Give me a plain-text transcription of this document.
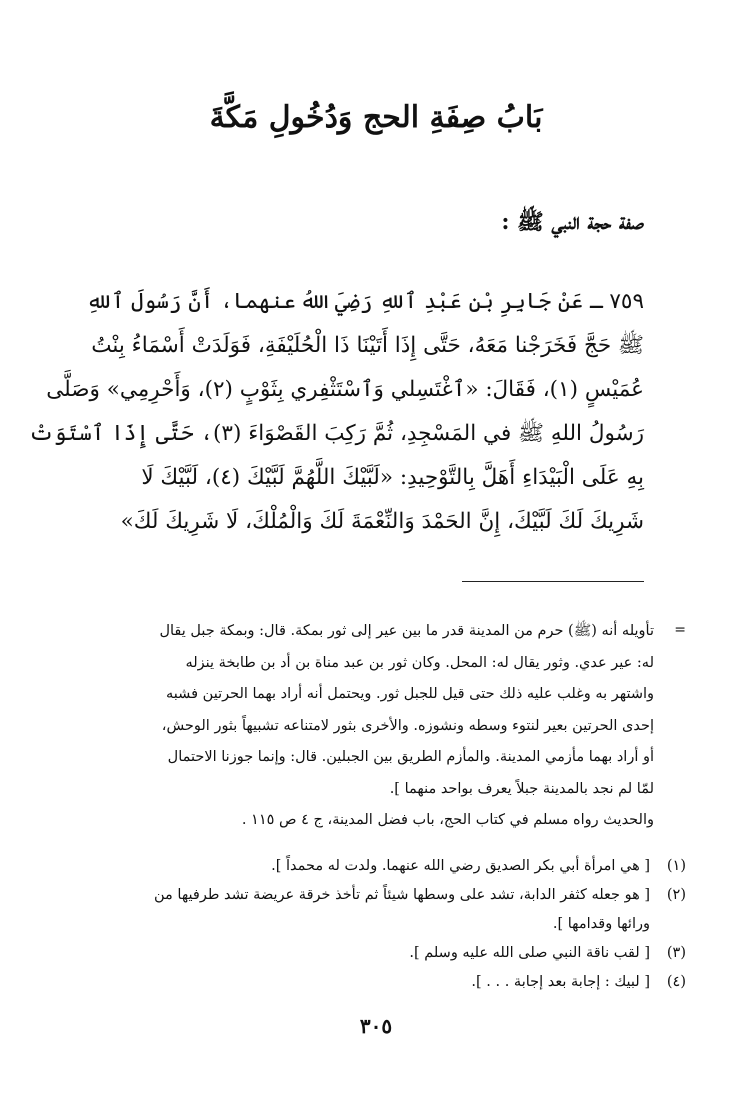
بَابُ صِفَةِ الحج وَدُخُولِ مَكَّةَ
صفة حجة النبي ﷺ :

٧٥٩ ـ عَنْ جَابِرِ بْنِ عَبْدِ ٱللهِ رَضِيَ اللهُ عنهما، أَنَّ رَسُولَ ٱللهِ

ﷺ حَجَّ فَخَرَجْنا مَعَهُ، حَتَّى إِذَا أَتَيْنَا ذَا الْحُلَيْفَةِ، فَوَلَدَتْ أَسْمَاءُ بِنْتُ

عُمَيْسٍ (١)، فَقَالَ: «ٱغْتَسِلي وَٱسْتَثْفِري بِثَوْبٍ (٢)، وَأَحْرِمِي» وَصَلَّى

رَسُولُ اللهِ ﷺ في المَسْجِدِ، ثُمَّ رَكِبَ القَصْوَاءَ (٣)، حَتَّى إِذَا ٱسْتَوَتْ

بِهِ عَلَى الْبَيْدَاءِ أَهَلَّ بِالتَّوْحِيدِ: «لَبَّيْكَ اللَّهُمَّ لَبَّيْكَ (٤)، لَبَّيْكَ لَا

شَرِيكَ لَكَ لَبَّيْكَ، إِنَّ الحَمْدَ وَالنِّعْمَةَ لَكَ وَالْمُلْكَ، لَا شَرِيكَ لَكَ»

=

تأويله أنه (ﷺ) حرم من المدينة قدر ما بين عير إلى ثور بمكة. قال: وبمكة جبل يقال

له: عير عدي. وثور يقال له: المحل. وكان ثور بن عبد مناة بن أد بن طابخة ينزله

واشتهر به وغلب عليه ذلك حتى قيل للجبل ثور. ويحتمل أنه أراد بهما الحرتين فشبه

إحدى الحرتين بعير لنتوء وسطه ونشوزه. والأخرى بثور لامتناعه تشبيهاً بثور الوحش،

أو أراد بهما مأزمي المدينة. والمأزم الطريق بين الجبلين. قال: وإنما جوزنا الاحتمال

لمّا لم نجد بالمدينة جبلاً يعرف بواحد منهما ].

والحديث رواه مسلم في كتاب الحج، باب فضل المدينة، ج ٤ ص ١١٥ .
(١)

[ هي امرأة أبي بكر الصديق رضي الله عنهما. ولدت له محمداً ].

(٢)

[ هو جعله كثفر الدابة، تشد على وسطها شيئاً ثم تأخذ خرقة عريضة تشد طرفيها من

ورائها وقدامها ].

(٣)

[ لقب ناقة النبي صلى الله عليه وسلم ].

(٤)

[ لبيك : إجابة بعد إجابة . . . ].

٣٠٥
